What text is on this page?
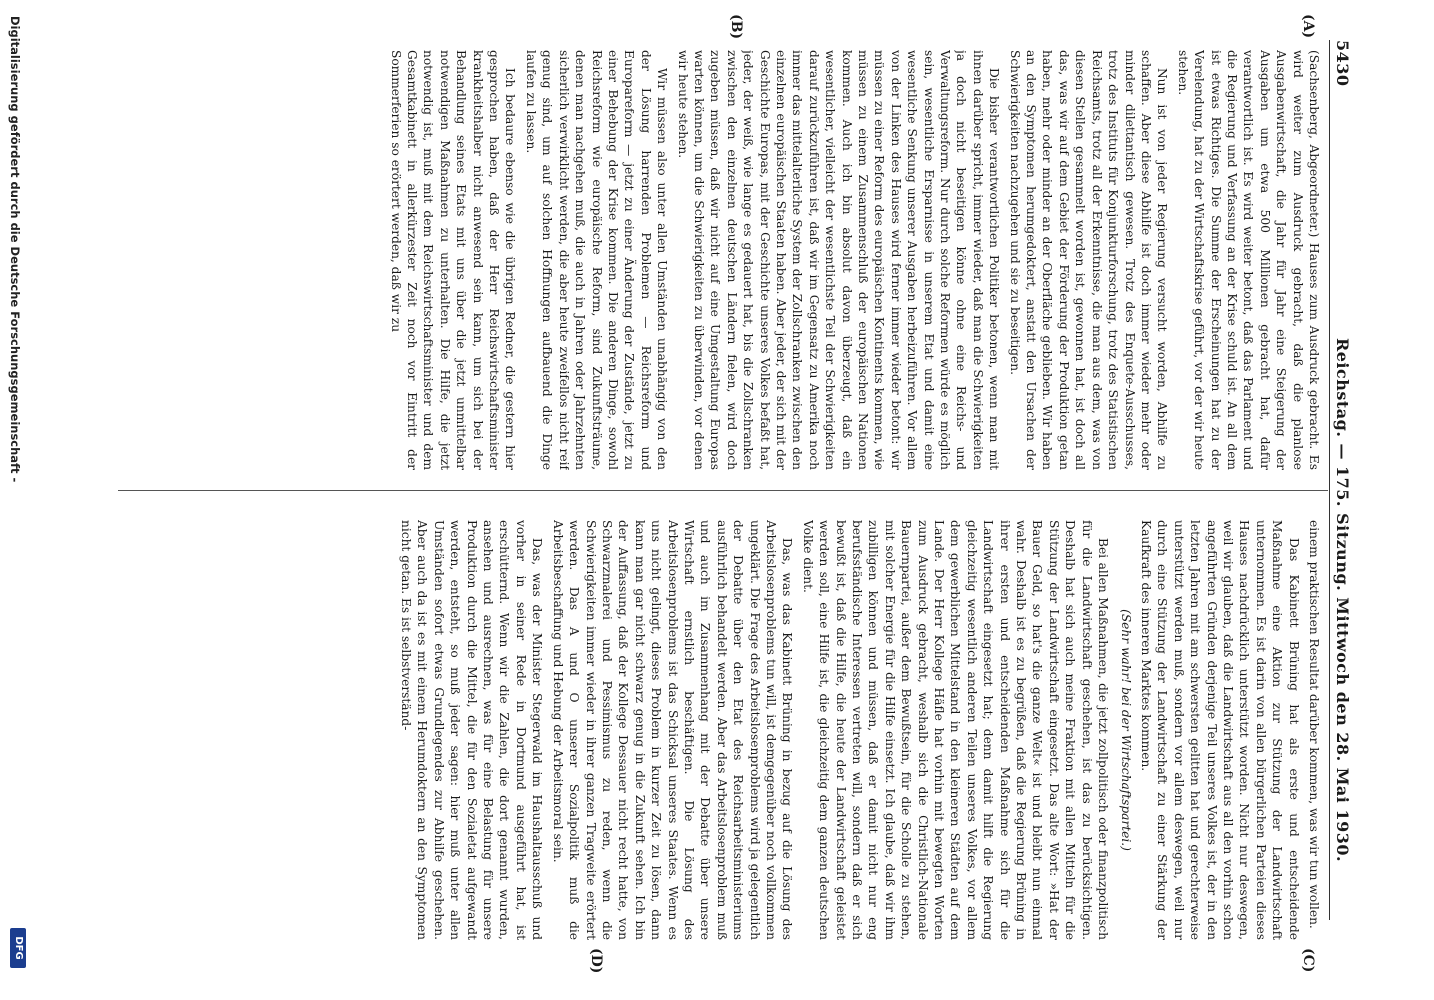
5430
Reichstag. — 175. Sitzung. Mittwoch den 28. Mai 1930.
(A)
(B)
(C)
(D)

(Sachsenberg, Abgeordneter.) Hauses zum Ausdruck gebracht. Es wird weiter zum Ausdruck gebracht, daß die planlose Ausgabenwirtschaft, die Jahr für Jahr eine Steigerung der Ausgaben um etwa 500 Millionen gebracht hat, dafür verantwortlich ist. Es wird weiter betont, daß das Parlament und die Regierung und Verfassung an der Krise schuld ist. An all dem ist etwas Richtiges. Die Summe der Erscheinungen hat zu der Verelendung, hat zu der Wirtschaftskrise geführt, vor der wir heute stehen.

Nun ist von jeder Regierung versucht worden, Abhilfe zu schaffen. Aber diese Abhilfe ist doch immer wieder mehr oder minder dilettantisch gewesen. Trotz des Enquete-Ausschusses, trotz des Instituts für Konjunkturforschung, trotz des Statistischen Reichsamts, trotz all der Erkenntnisse, die man aus dem, was von diesen Stellen gesammelt worden ist, gewonnen hat, ist doch all das, was wir auf dem Gebiet der Förderung der Produktion getan haben, mehr oder minder an der Oberfläche geblieben. Wir haben an den Symptomen herumgedoktert, anstatt den Ursachen der Schwierigkeiten nachzugehen und sie zu beseitigen.

Die bisher verantwortlichen Politiker betonen, wenn man mit ihnen darüber spricht, immer wieder, daß man die Schwierigkeiten ja doch nicht beseitigen könne ohne eine Reichs- und Verwaltungsreform. Nur durch solche Reformen würde es möglich sein, wesentliche Ersparnisse in unserem Etat und damit eine wesentliche Senkung unserer Ausgaben herbeizuführen. Vor allem von der Linken des Hauses wird ferner immer wieder betont: wir müssen zu einer Reform des europäischen Kontinents kommen, wie müssen zu einem Zusammenschluß der europäischen Nationen kommen. Auch ich bin absolut davon überzeugt, daß ein wesentlicher, vielleicht der wesentlichste Teil der Schwierigkeiten darauf zurückzuführen ist, daß wir im Gegensatz zu Amerika noch immer das mittelalterliche System der Zollschranken zwischen den einzelnen europäischen Staaten haben. Aber jeder, der sich mit der Geschichte Europas, mit der Geschichte unseres Volkes befaßt hat, jeder, der weiß, wie lange es gedauert hat, bis die Zollschranken zwischen den einzelnen deutschen Ländern fielen, wird doch zugeben müssen, daß wir nicht auf eine Umgestaltung Europas warten können, um die Schwierigkeiten zu überwinden, vor denen wir heute stehen.

Wir müssen also unter allen Umständen unabhängig von den der Lösung harrenden Problemen — Reichsreform und Europareform — jetzt zu einer Änderung der Zustände, jetzt zu einer Behebung der Krise kommen. Die anderen Dinge, sowohl Reichsreform wie europäische Reform, sind Zukunftsträume, denen man nachgehen muß, die auch in Jahren oder Jahrzehnten sicherlich verwirklicht werden, die aber heute zweifellos nicht reif genug sind, um auf solchen Hoffnungen aufbauend die Dinge laufen zu lassen.

Ich bedaure ebenso wie die übrigen Redner, die gestern hier gesprochen haben, daß der Herr Reichswirtschaftsminister krankheitshalber nicht anwesend sein kann, um sich bei der Behandlung seines Etats mit uns über die jetzt unmittelbar notwendigen Maßnahmen zu unterhalten. Die Hilfe, die jetzt notwendig ist, muß mit dem Reichswirtschaftsminister und dem Gesamtkabinett in allerkürzester Zeit noch vor Eintritt der Sommerferien so erörtert werden, daß wir zu

einem praktischen Resultat darüber kommen, was wir tun wollen.

Das Kabinett Brüning hat als erste und entscheidende Maßnahme eine Aktion zur Stützung der Landwirtschaft unternommen. Es ist darin von allen bürgerlichen Parteien dieses Hauses nachdrücklich unterstützt worden. Nicht nur deswegen, weil wir glauben, daß die Landwirtschaft aus all den vorhin schon angeführten Gründen derjenige Teil unseres Volkes ist, der in den letzten Jahren mit am schwersten gelitten hat und gerechterweise unterstützt werden muß, sondern vor allem deswegen, weil nur durch eine Stützung der Landwirtschaft zu einer Stärkung der Kaufkraft des inneren Marktes kommen.

(Sehr wahr! bei der Wirtschaftspartei.)

Bei allen Maßnahmen, die jetzt zollpolitisch oder finanzpolitisch für die Landwirtschaft geschehen, ist das zu berücksichtigen. Deshalb hat sich auch meine Fraktion mit allen Mitteln für die Stützung der Landwirtschaft eingesetzt. Das alte Wort: »Hat der Bauer Geld, so hat's die ganze Welt« ist und bleibt nun einmal wahr. Deshalb ist es zu begrüßen, daß die Regierung Brüning in ihrer ersten und entscheidenden Maßnahme sich für die Landwirtschaft eingesetzt hat; denn damit hilft die Regierung gleichzeitig wesentlich anderen Teilen unseres Volkes, vor allem dem gewerblichen Mittelstand in den kleineren Städten auf dem Lande. Der Herr Kollege Häfle hat vorhin mit bewegten Worten zum Ausdruck gebracht, weshalb sich die Christlich-Nationale Bauernpartei, außer dem Bewußtsein, für die Scholle zu stehen, mit solcher Energie für die Hilfe einsetzt. Ich glaube, daß wir ihm zubilligen können und müssen, daß er damit nicht nur eng berufsständische Interessen vertreten will, sondern daß er sich bewußt ist, daß die Hilfe, die heute der Landwirtschaft geleistet werden soll, eine Hilfe ist, die gleichzeitig dem ganzen deutschen Volke dient.

Das, was das Kabinett Brüning in bezug auf die Lösung des Arbeitslosenproblems tun will, ist demgegenüber noch vollkommen ungeklärt. Die Frage des Arbeitslosenproblems wird ja gelegentlich der Debatte über den Etat des Reichsarbeitsministeriums ausführlich behandelt werden. Aber das Arbeitslosenproblem muß und auch im Zusammenhang mit der Debatte über unsere Wirtschaft ernstlich beschäftigen. Die Lösung des Arbeitslosenproblems ist das Schicksal unseres Staates. Wenn es uns nicht gelingt, dieses Problem in kurzer Zeit zu lösen, dann kann man gar nicht schwarz genug in die Zukunft sehen. Ich bin der Auffassung, daß der Kollege Dessauer nicht recht hatte, von Schwarzmalerei und Pessimismus zu reden, wenn die Schwierigkeiten immer wieder in ihrer ganzen Tragweite erörtert werden. Das A und O unserer Sozialpolitik muß die Arbeitsbeschaffung und Hebung der Arbeitsmoral sein.

Das, was der Minister Stegerwald im Haushaltausschuß und vorher in seiner Rede in Dortmund ausgeführt hat, ist erschütternd. Wenn wir die Zahlen, die dort genannt wurden, ansehen und ausrechnen, was für eine Belastung für unsere Produktion durch die Mittel, die für den Sozialetat aufgewandt werden, entsteht, so muß jeder sagen: hier muß unter allen Umständen sofort etwas Grundlegendes zur Abhilfe geschehen. Aber auch da ist es mit einem Herumdoktern an den Symptomen nicht getan. Es ist selbstverständ-

Digitalisierung gefördert durch die Deutsche Forschungsgemeinschaft -
DFG
